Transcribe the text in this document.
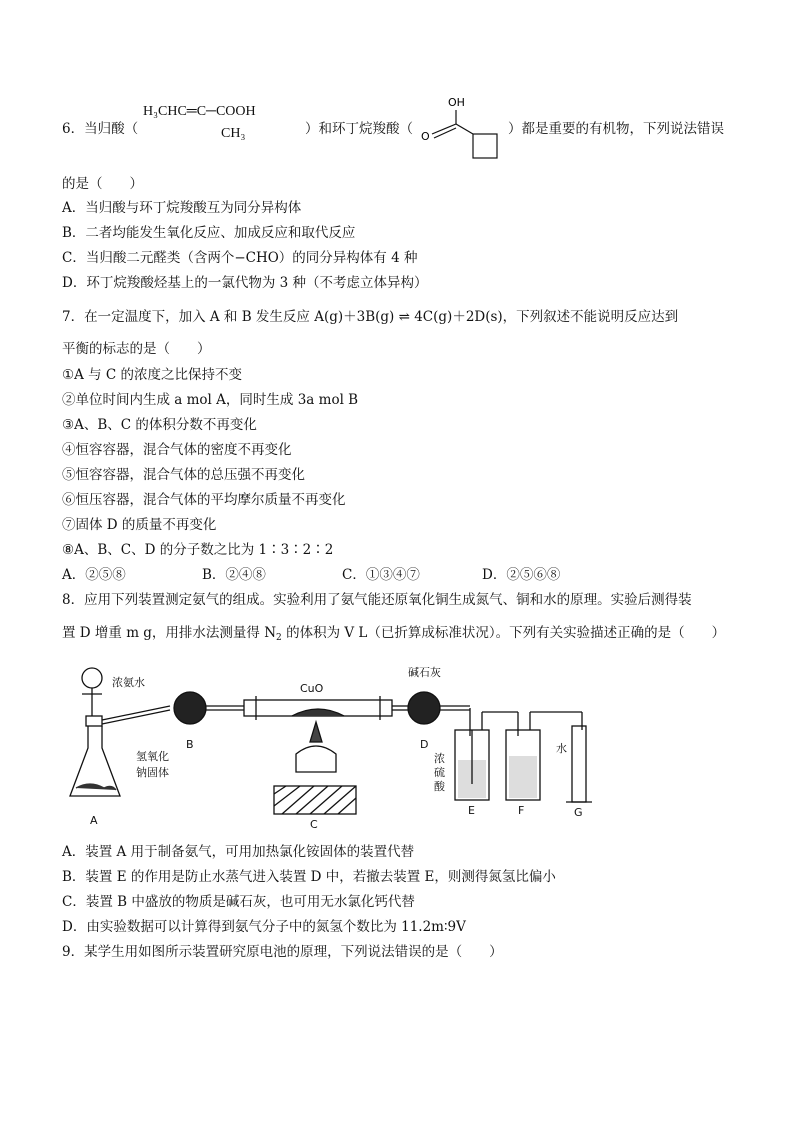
6．当归酸（
H₃CHC═C─COOH
CH₃	）和环丁烷羧酸（
OH
O	）都是重要的有机物，下列说法错误
的是（　　）
A．当归酸与环丁烷羧酸互为同分异构体
B．二者均能发生氧化反应、加成反应和取代反应
C．当归酸二元醛类（含两个−CHO）的同分异构体有 4 种
D．环丁烷羧酸烃基上的一氯代物为 3 种（不考虑立体异构）
7．在一定温度下，加入 A 和 B 发生反应 A(g)＋3B(g) ⇌ 4C(g)＋2D(s)，下列叙述不能说明反应达到
平衡的标志的是（　　）
①A 与 C 的浓度之比保持不变
②单位时间内生成 a mol A，同时生成 3a mol B
③A、B、C 的体积分数不再变化
④恒容容器，混合气体的密度不再变化
⑤恒容容器，混合气体的总压强不再变化
⑥恒压容器，混合气体的平均摩尔质量不再变化
⑦固体 D 的质量不再变化
⑧A、B、C、D 的分子数之比为 1∶3∶2∶2
A．②⑤⑧	B．②④⑧	C．①③④⑦	D．②⑤⑥⑧
8．应用下列装置测定氨气的组成。实验利用了氨气能还原氧化铜生成氮气、铜和水的原理。实验后测得装
置 D 增重 m g，用排水法测量得 $N_2$ 的体积为 V L（已折算成标准状况）。下列有关实验描述正确的是（　　）
浓氨水	CuO
碱石灰
氢氧化
钠固体
浓
硫
酸
水
A
B
C
D
E	F	G
A．装置 A 用于制备氨气，可用加热氯化铵固体的装置代替
B．装置 E 的作用是防止水蒸气进入装置 D 中，若撤去装置 E，则测得氮氢比偏小
C．装置 B 中盛放的物质是碱石灰，也可用无水氯化钙代替
D．由实验数据可以计算得到氨气分子中的氮氢个数比为 11.2m∶9V
9．某学生用如图所示装置研究原电池的原理，下列说法错误的是（　　）
